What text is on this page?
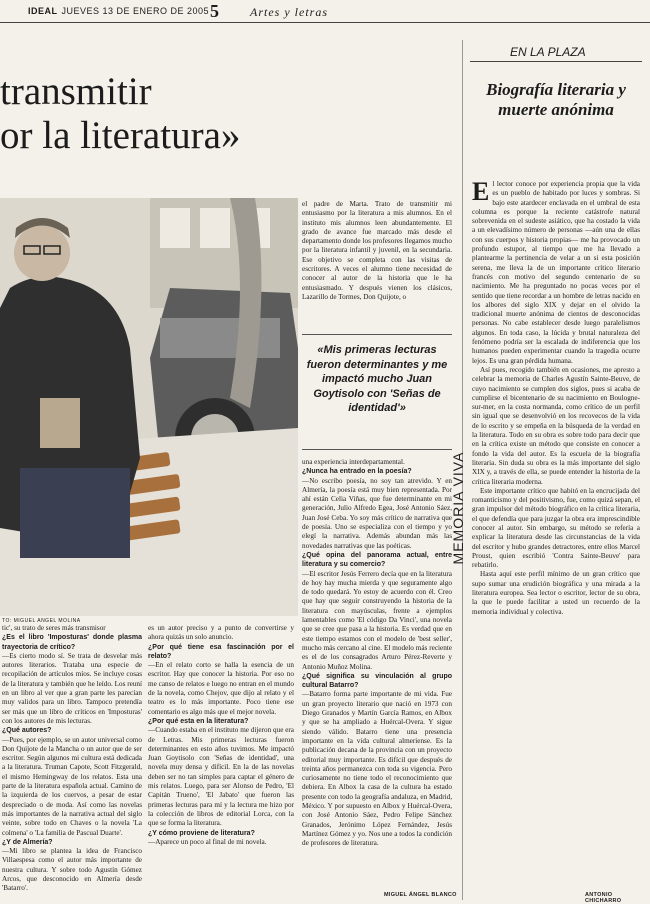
IDEAL JUEVES 13 DE ENERO DE 2005 5	Artes y letras
transmitir
or la literatura»
TO: MIGUEL ANGEL MOLINA

tic', su trato de seres más transmisor

¿Es el libro 'Imposturas' donde plasma trayectoria de crítico?

—Es cierto modo sí. Se trata de desvelar más autores literarios. Trataba una especie de recopilación de artículos míos. Se incluye cosas de la literatura y también que he leído. Los reuní en un libro al ver que a gran parte les parecían muy validos para un libro. Tampoco pretendía ser más que un libro de críticos en 'Imposturas' con los autores de mis lecturas.

¿Qué autores?

—Pues, por ejemplo, se un autor universal como Don Quijote de la Mancha o un autor que de ser escritor. Según algunos mi cultura está dedicada a la literatura. Truman Capote, Scott Fitzgerald, el mismo Hemingway de los relatos. Esta una parte de la literatura española actual. Camino de la izquierda de los cuervos, a pesar de estar despreciado o de moda. Así como las novelas más importantes de la narrativa actual del siglo veinte, sobre todo en Chaves o la novela 'La colmena' o 'La familia de Pascual Duarte'.

¿Y de Almería?

—Mi libro se plantea la idea de Francisco Villaespesa como el autor más importante de nuestra cultura. Y sobre todo Agustín Gómez Arcos, que desconocido en Almería desde 'Batarro'.

es un autor preciso y a punto de convertirse y ahora quizás un solo anuncio.

¿Por qué tiene esa fascinación por el relato?

—En el relato corto se halla la esencia de un escritor. Hay que conocer la historia. Por eso no me canso de relatos e luego no entran en el mundo de la novela, como Chejov, que dijo al relato y el teatro es lo más importante. Poco tiene ese comentario es algo más que el mejor novela.

¿Por qué esta en la literatura?

—Cuando estaba en el instituto me dijeron que era de Letras. Mis primeras lecturas fueron determinantes en esto años tuvimos. Me impactó Juan Goytisolo con 'Señas de identidad', una novela muy densa y difícil. En la de las novelas deben ser no tan simples para captar el género de mis relatos. Luego, para ser Alonso de Pedro, 'El Capitán Trueno', 'El Jabato' que fueron las primeras lecturas para mí y la lectura me hizo por la colección de libros de editorial Lorca, con la que se forma la literatura.

¿Y cómo proviene de literatura?

—Aparece un poco al final de mi novela.

el padre de Marta. Trato de transmitir mi entusiasmo por la literatura a mis alumnos. En el instituto mis alumnos leen abundantemente. El grado de avance fue marcado más desde el departamento donde los profesores llegamos mucho por la literatura infantil y juvenil, en la secundaria. Ese objetivo se completa con las visitas de escritores. A veces el alumno tiene necesidad de conocer al autor de la historia que le ha entusiasmado. Y después vienen los clásicos, Lazarillo de Tormes, Don Quijote, o

«Mis primeras lecturas fueron determinantes y me impactó mucho Juan Goytisolo con 'Señas de identidad'»

una experiencia interdepartamental.

¿Nunca ha entrado en la poesía?

—No escribo poesía, no soy tan atrevido. Y en Almería, la poesía está muy bien representada. Por ahí están Celia Viñas, que fue determinante en mi generación, Julio Alfredo Egea, José Antonio Sáez, Juan José Ceba. Yo soy más crítico de narrativa que de poesía. Uno se especializa con el tiempo y yo elegí la narrativa. Además abundan más las novedades narrativas que las poéticas.

¿Qué opina del panorama actual, entre literatura y su comercio?

—El escritor Jesús Ferrero decía que en la literatura de hoy hay mucha mierda y que seguramente algo de todo quedará. Yo estoy de acuerdo con él. Creo que hay que seguir construyendo la historia de la literatura con mayúsculas, frente a ejemplos lamentables como 'El código Da Vinci', una novela que se cree que pasa a la historia. Es verdad que en este tiempo estamos con el modelo de 'best seller', mucho más cercano al cine. El modelo más reciente es el de los consagrados Arturo Pérez-Reverte y Antonio Muñoz Molina.

¿Qué significa su vinculación al grupo cultural Batarro?

—Batarro forma parte importante de mi vida. Fue un gran proyecto literario que nació en 1973 con Diego Granados y Martín García Ramos, en Albox y que se ha ampliado a Huércal-Overa. Y sigue siendo válido. Batarro tiene una presencia importante en la vida cultural almeriense. Es la publicación decana de la provincia con un proyecto editorial muy importante. Es difícil que después de treinta años permanezca con toda su vigencia. Pero curiosamente no tiene todo el reconocimiento que debiera. En Albox la casa de la cultura ha estado presente con todo la geografía andaluza, en Madrid, México. Y por supuesto en Albox y Huércal-Overa, con José Antonio Sáez, Pedro Felipe Sánchez Granados, Jerónimo López Fernández, Jesús Martínez Gómez y yo. Nos une a todos la condición de profesores de literatura.

MIGUEL ÁNGEL BLANCO
EN LA PLAZA
Biografía literaria y muerte anónima
MEMORIA VIVA

El lector conoce por experiencia propia que la vida es un pueblo de habitado por luces y sombras. Si bajo este atardecer enclavada en el umbral de esta columna es porque la reciente catástrofe natural sobrevenida en el sudeste asiático, que ha costado la vida a un elevadísimo número de personas —aún una de ellas con sus cuerpos y historia propias— me ha provocado un profundo estupor, al tiempo que me ha llevado a plantearme la pertinencia de velar a un si esta posición serena, me lleva la de un importante crítico literario francés con motivo del segundo centenario de su nacimiento. Me ha preguntado no pocas veces por el sentido que tiene recordar a un hombre de letras nacido en los albores del siglo XIX y dejar en el olvido la tradicional muerte anónima de cientos de desconocidas personas. No cabe establecer desde luego paralelismos algunos. En toda caso, la lúcida y brutal naturaleza del fenómeno podría ser la escalada de indiferencia que los humanos pueden experimentar cuando la tragedia ocurre lejos. Es una gran pérdida humana.

Así pues, recogido también en ocasiones, me apresto a celebrar la memoria de Charles Agustín Sainte-Beuve, de cuyo nacimiento se cumplen dos siglos, pues si acaba de cumplirse el bicentenario de su nacimiento en Boulogne-sur-mer, en la costa normanda, como crítico de un perfil sin igual que se desenvolvió en los recovecos de la vida de lo escrito y se empeña en la búsqueda de la verdad en la literatura. Todo en su obra es sobre todo para decir que en la crítica existe un método que consiste en conocer a fondo la vida del autor. Es la escuela de la biografía literaria. Sin duda su obra es la más importante del siglo XIX y, a través de ella, se puede entender la historia de la crítica literaria moderna.

Este importante crítico que habitó en la encrucijada del romanticismo y del positivismo, fue, como quizá sepan, el gran impulsor del método biográfico en la crítica literaria, el que defendía que para juzgar la obra era imprescindible conocer al autor. Sin embargo, su método se refería a explicar la literatura desde las circunstancias de la vida del escritor y hubo grandes detractores, entre ellos Marcel Proust, quien escribió 'Contra Sainte-Beuve' para rebatirlo.

Hasta aquí este perfil mínimo de un gran crítico que supo sumar una erudición biográfica y una mirada a la literatura europea. Sea lector o escritor, lector de su obra, la que le puede facilitar a usted un recuerdo de la memoria individual y colectiva.

ANTONIO CHICHARRO
